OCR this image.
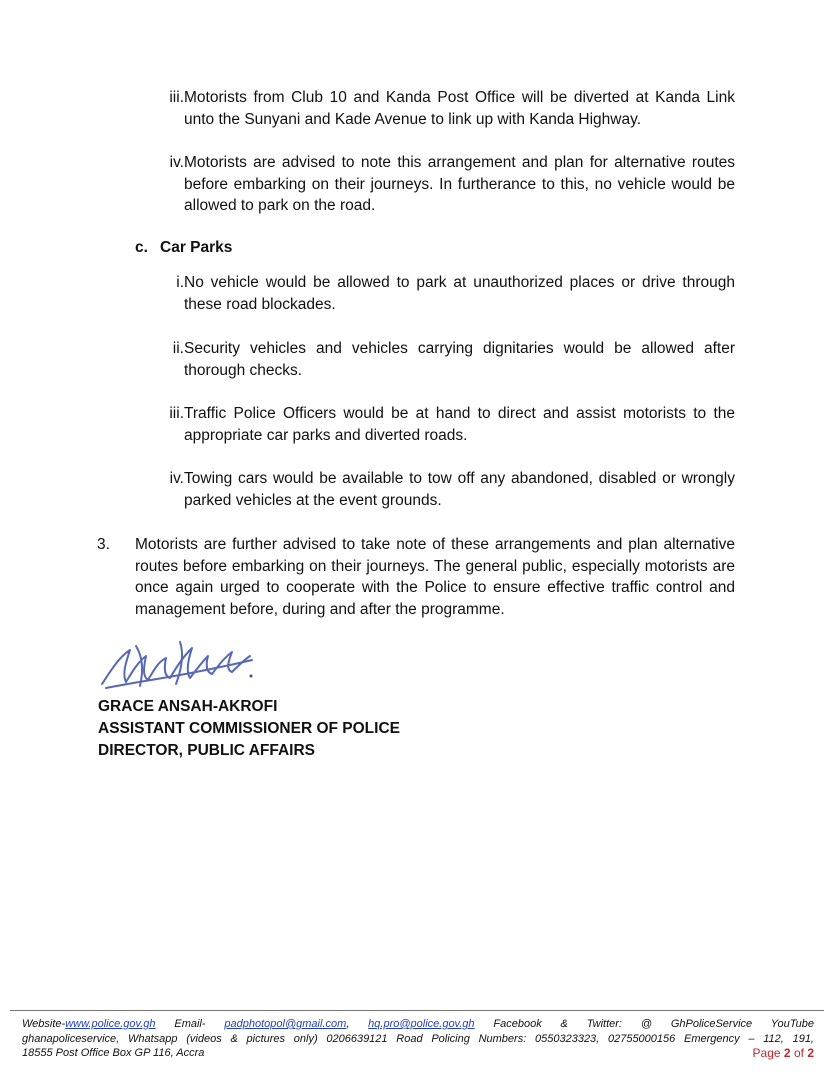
iii. Motorists from Club 10 and Kanda Post Office will be diverted at Kanda Link unto the Sunyani and Kade Avenue to link up with Kanda Highway.
iv. Motorists are advised to note this arrangement and plan for alternative routes before embarking on their journeys. In furtherance to this, no vehicle would be allowed to park on the road.
c. Car Parks
i. No vehicle would be allowed to park at unauthorized places or drive through these road blockades.
ii. Security vehicles and vehicles carrying dignitaries would be allowed after thorough checks.
iii. Traffic Police Officers would be at hand to direct and assist motorists to the appropriate car parks and diverted roads.
iv. Towing cars would be available to tow off any abandoned, disabled or wrongly parked vehicles at the event grounds.
3. Motorists are further advised to take note of these arrangements and plan alternative routes before embarking on their journeys. The general public, especially motorists are once again urged to cooperate with the Police to ensure effective traffic control and management before, during and after the programme.
GRACE ANSAH-AKROFI
ASSISTANT COMMISSIONER OF POLICE
DIRECTOR, PUBLIC AFFAIRS
Website-www.police.gov.gh Email- padphotopol@gmail.com, hq.pro@police.gov.gh Facebook & Twitter: @ GhPoliceService YouTube
ghanapoliceservice, Whatsapp (videos & pictures only) 0206639121 Road Policing Numbers: 0550323323, 02755000156 Emergency – 112, 191,
18555 Post Office Box GP 116, Accra	Page 2 of 2
